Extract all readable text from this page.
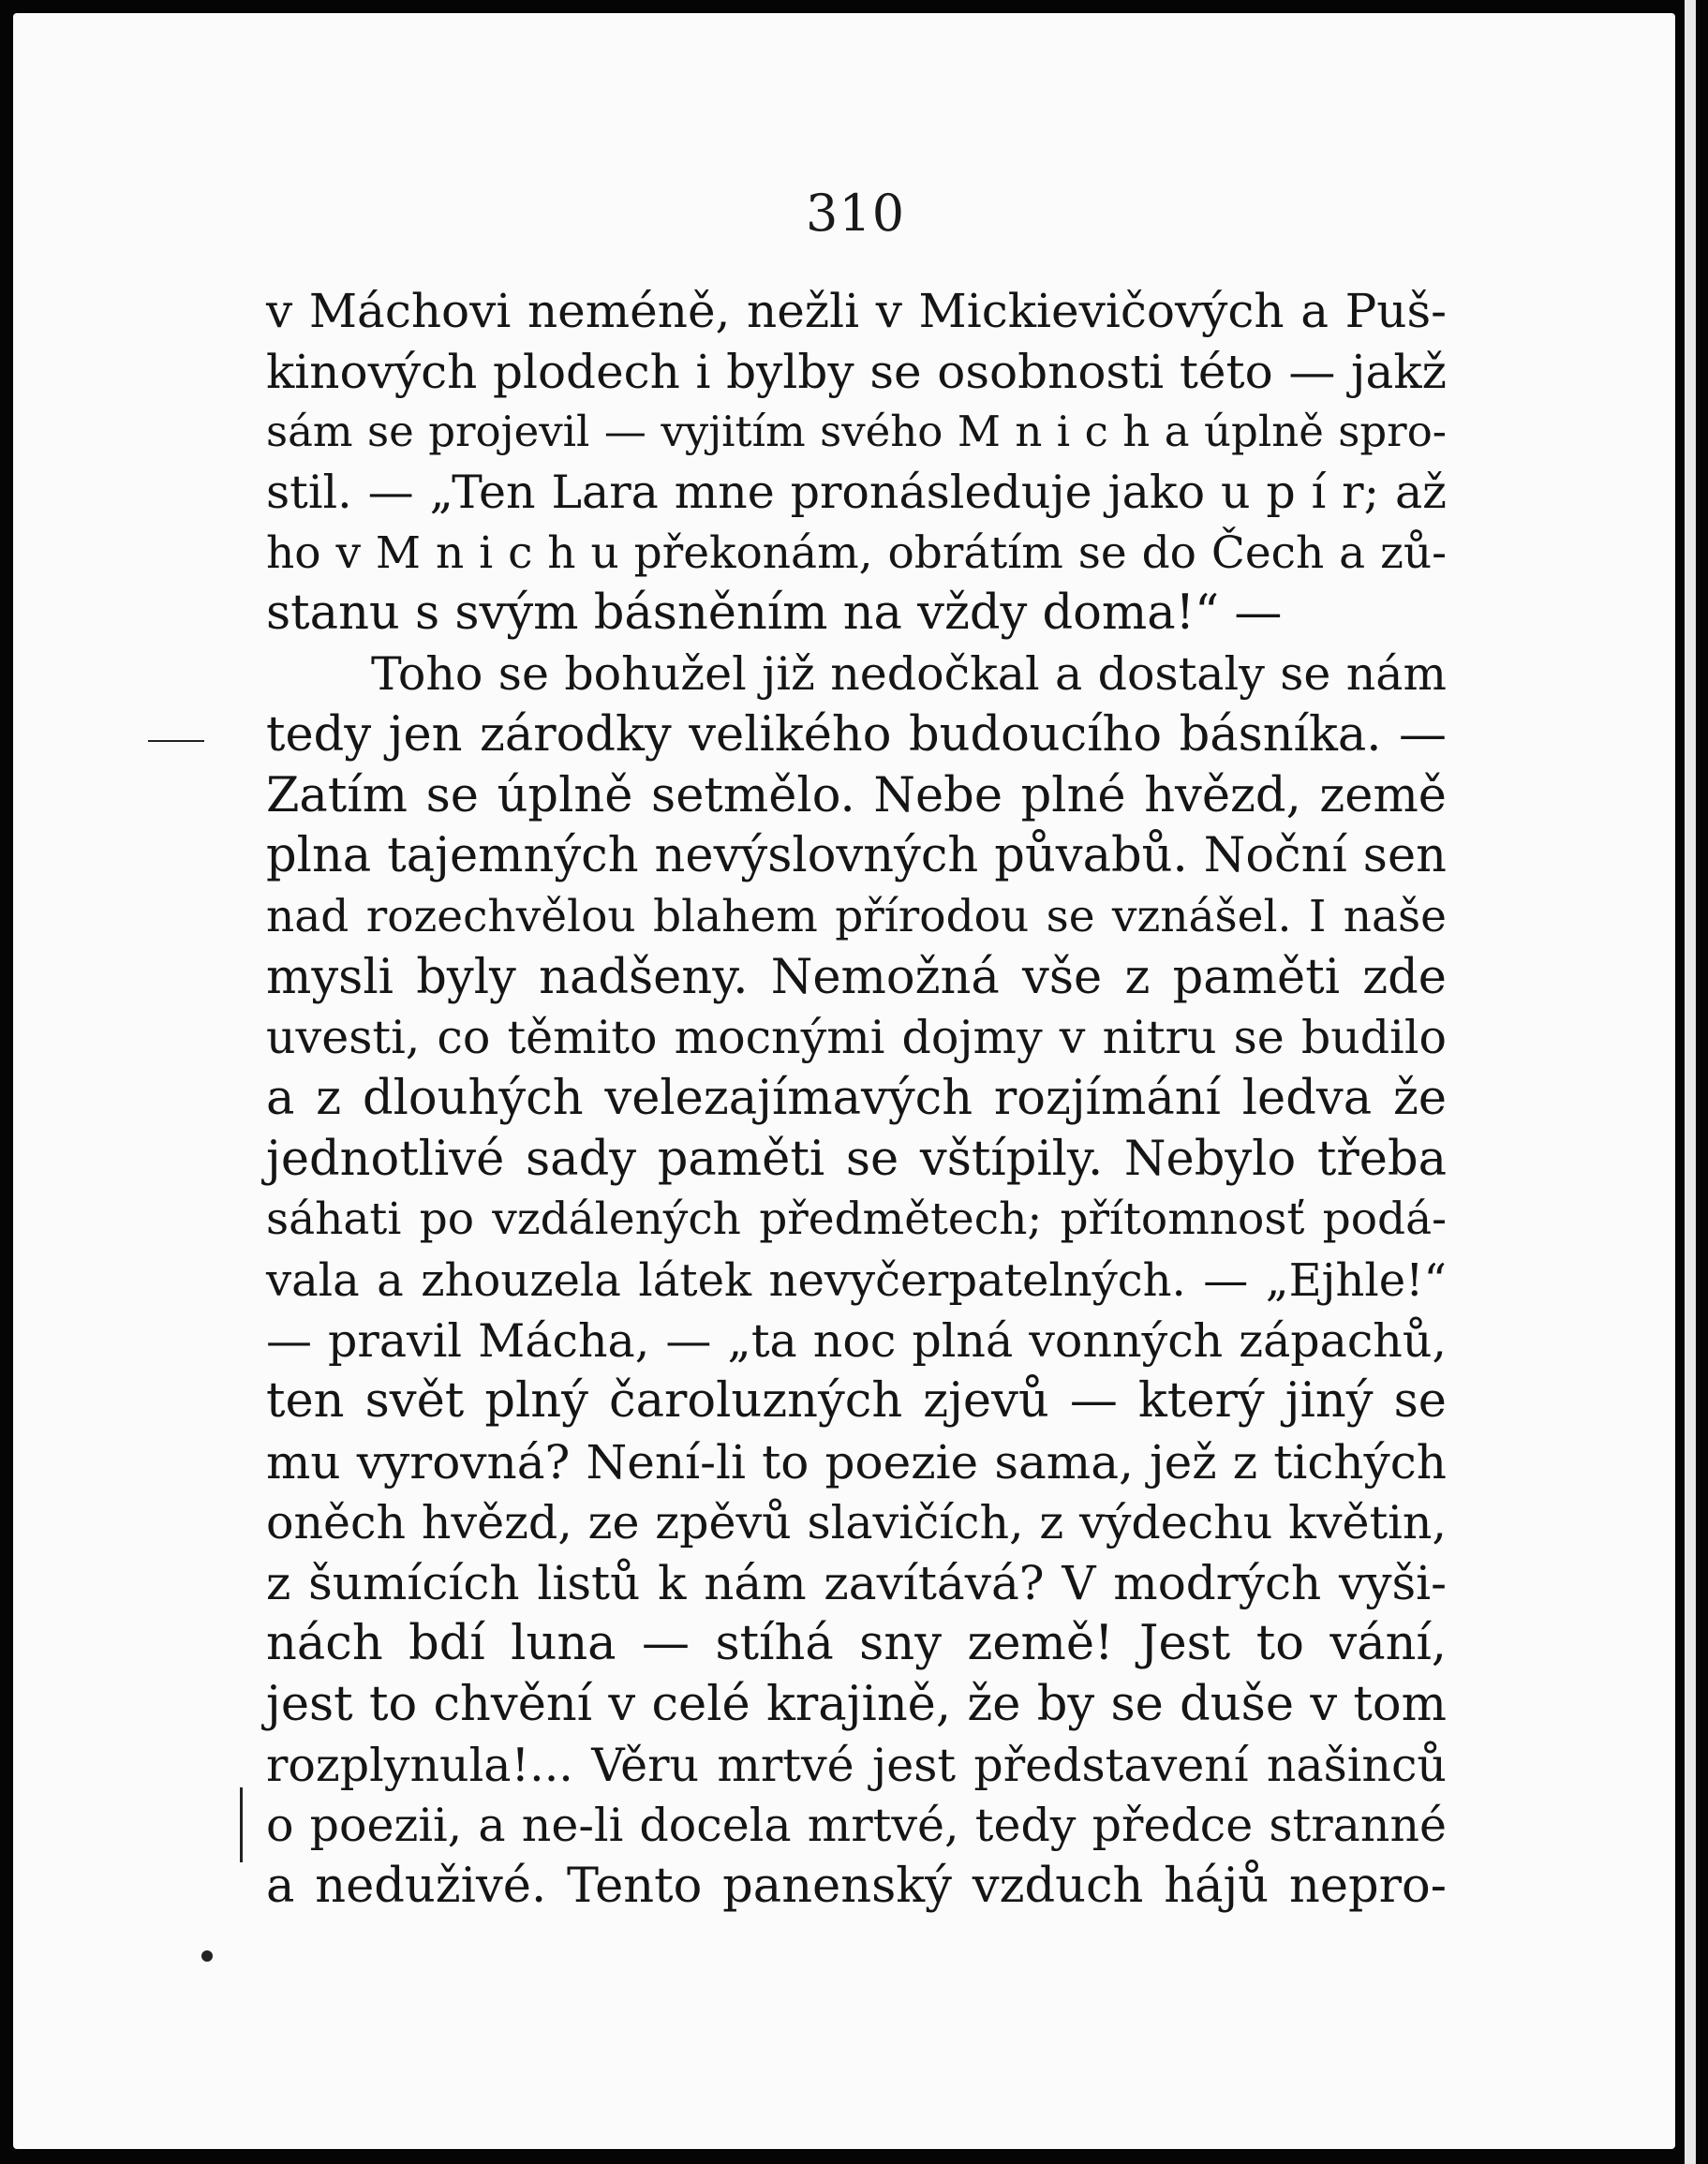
310
v Máchovi neméně, nežli v Mickievičových a Puš-
kinových plodech i bylby se osobnosti této — jakž
sám se projevil — vyjitím svého M n i c h a úplně spro-
stil. — „Ten Lara mne pronásleduje jako u p í r; až
ho v M n i c h u překonám, obrátím se do Čech a zů-
stanu s svým básněním na vždy doma!“ —
Toho se bohužel již nedočkal a dostaly se nám
tedy jen zárodky velikého budoucího básníka. —
Zatím se úplně setmělo. Nebe plné hvězd, země
plna tajemných nevýslovných půvabů. Noční sen
nad rozechvělou blahem přírodou se vznášel. I naše
mysli byly nadšeny. Nemožná vše z paměti zde
uvesti, co těmito mocnými dojmy v nitru se budilo
a z dlouhých velezajímavých rozjímání ledva že
jednotlivé sady paměti se vštípily. Nebylo třeba
sáhati po vzdálených předmětech; přítomnosť podá-
vala a zhouzela látek nevyčerpatelných. — „Ejhle!“
— pravil Mácha, — „ta noc plná vonných zápachů,
ten svět plný čaroluzných zjevů — který jiný se
mu vyrovná? Není-li to poezie sama, jež z tichých
oněch hvězd, ze zpěvů slavičích, z výdechu květin,
z šumících listů k nám zavítává? V modrých vyši-
nách bdí luna — stíhá sny země! Jest to vání,
jest to chvění v celé krajině, že by se duše v tom
rozplynula!... Věru mrtvé jest představení našinců
o poezii, a ne-li docela mrtvé, tedy předce stranné
a neduživé. Tento panenský vzduch hájů nepro-
